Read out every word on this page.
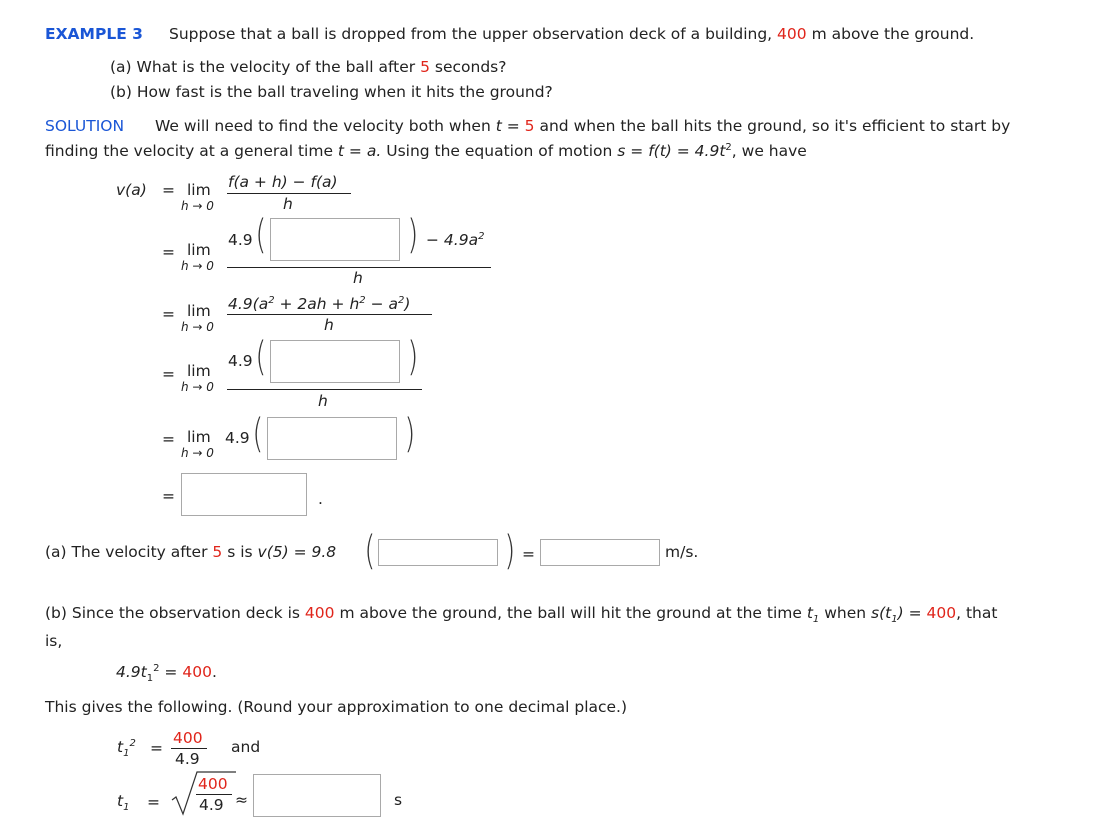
EXAMPLE 3 Suppose that a ball is dropped from the upper observation deck of a building, 400 m above the ground.
(a) What is the velocity of the ball after 5 seconds?
(b) How fast is the ball traveling when it hits the ground?
SOLUTION We will need to find the velocity both when t = 5 and when the ball hits the ground, so it's efficient to start by
finding the velocity at a general time t = a. Using the equation of motion $s = f(t) = 4.9t^2$, we have
v(a) = lim
h → 0
f(a + h) − f(a)
h
= lim
h → 0
4.9 (	) − $4.9a^2$
h
= lim
h → 0
$4.9(a^2 + 2ah + h^2 - a^2)$
h
= lim
h → 0
4.9 (	)
h
= lim
h → 0
4.9 (	)
=	.
(a) The velocity after 5 s is v(5) = 9.8 (	) =	m/s.
(b) Since the observation deck is 400 m above the ground, the ball will hit the ground at the time $t_1$ when $s(t_1) = 400$, that
is,
$4.9t_1^2 = 400$.
This gives the following. (Round your approximation to one decimal place.)
$t_1^2$ =
400
4.9
and
$t_1$ =
400
4.9 ≈	s
